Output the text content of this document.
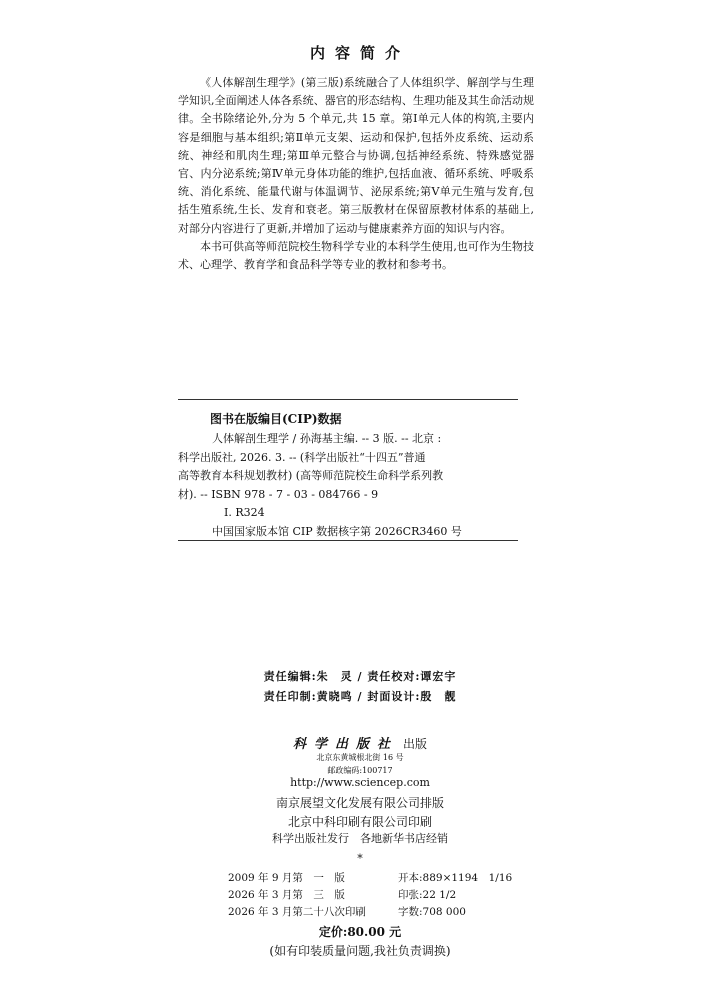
内容简介

《人体解剖生理学》(第三版)系统融合了人体组织学、解剖学与生理学知识,全面阐述人体各系统、器官的形态结构、生理功能及其生命活动规律。全书除绪论外,分为 5 个单元,共 15 章。第Ⅰ单元人体的构筑,主要内容是细胞与基本组织;第Ⅱ单元支架、运动和保护,包括外皮系统、运动系统、神经和肌肉生理;第Ⅲ单元整合与协调,包括神经系统、特殊感觉器官、内分泌系统;第Ⅳ单元身体功能的维护,包括血液、循环系统、呼吸系统、消化系统、能量代谢与体温调节、泌尿系统;第Ⅴ单元生殖与发育,包括生殖系统,生长、发育和衰老。第三版教材在保留原教材体系的基础上,对部分内容进行了更新,并增加了运动与健康素养方面的知识与内容。

本书可供高等师范院校生物科学专业的本科学生使用,也可作为生物技术、心理学、教育学和食品科学等专业的教材和参考书。

图书在版编目(CIP)数据
人体解剖生理学 / 孙海基主编. -- 3 版. -- 北京 :
科学出版社, 2026. 3. -- (科学出版社“十四五”普通
高等教育本科规划教材) (高等师范院校生命科学系列教
材). -- ISBN 978 - 7 - 03 - 084766 - 9
Ⅰ. R324
中国国家版本馆 CIP 数据核字第 2026CR3460 号
责任编辑:朱　灵 / 责任校对:谭宏宇
责任印制:黄晓鸣 / 封面设计:殷　靓
科学出版社 出版
北京东黄城根北街 16 号
邮政编码:100717
http://www.sciencep.com
南京展望文化发展有限公司排版
北京中科印刷有限公司印刷
科学出版社发行　各地新华书店经销
*
2009 年 9 月第　一　版	开本:889×1194　1/16
2026 年 3 月第　三　版	印张:22 1/2
2026 年 3 月第二十八次印刷	字数:708 000
定价:80.00 元
(如有印装质量问题,我社负责调换)
